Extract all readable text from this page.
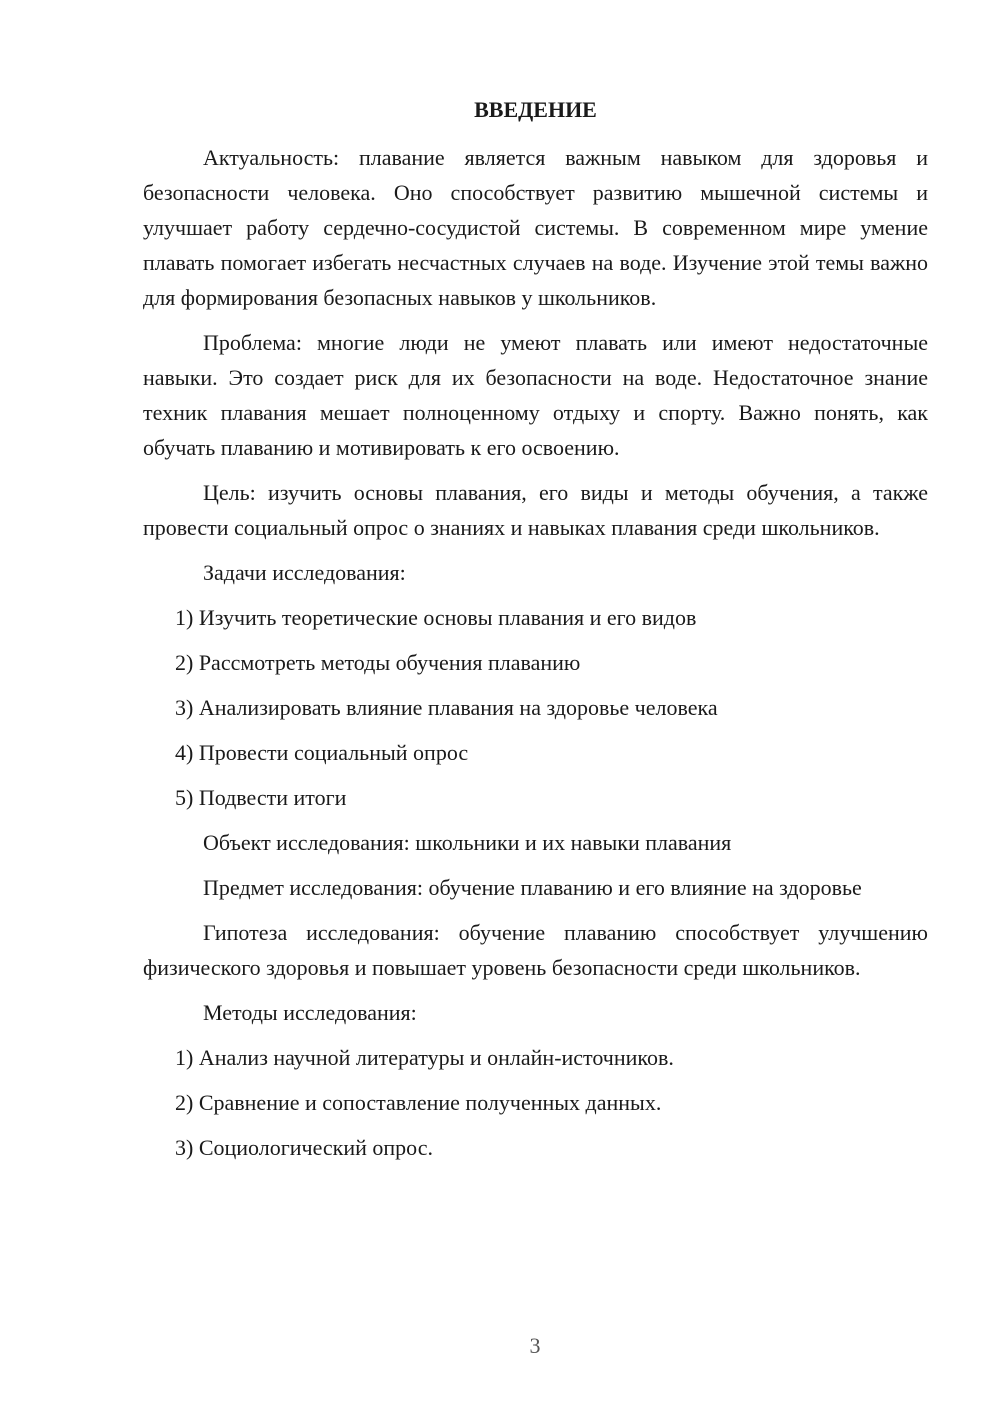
ВВЕДЕНИЕ

Актуальность: плавание является важным навыком для здоровья и безопасности человека. Оно способствует развитию мышечной системы и улучшает работу сердечно-сосудистой системы. В современном мире умение плавать помогает избегать несчастных случаев на воде. Изучение этой темы важно для формирования безопасных навыков у школьников.

Проблема: многие люди не умеют плавать или имеют недостаточные навыки. Это создает риск для их безопасности на воде. Недостаточное знание техник плавания мешает полноценному отдыху и спорту. Важно понять, как обучать плаванию и мотивировать к его освоению.

Цель: изучить основы плавания, его виды и методы обучения, а также провести социальный опрос о знаниях и навыках плавания среди школьников.

Задачи исследования:

1) Изучить теоретические основы плавания и его видов
2) Рассмотреть методы обучения плаванию
3) Анализировать влияние плавания на здоровье человека
4) Провести социальный опрос
5) Подвести итоги

Объект исследования: школьники и их навыки плавания

Предмет исследования: обучение плаванию и его влияние на здоровье

Гипотеза исследования: обучение плаванию способствует улучшению физического здоровья и повышает уровень безопасности среди школьников.

Методы исследования:

1) Анализ научной литературы и онлайн-источников.
2) Сравнение и сопоставление полученных данных.
3) Социологический опрос.
3
